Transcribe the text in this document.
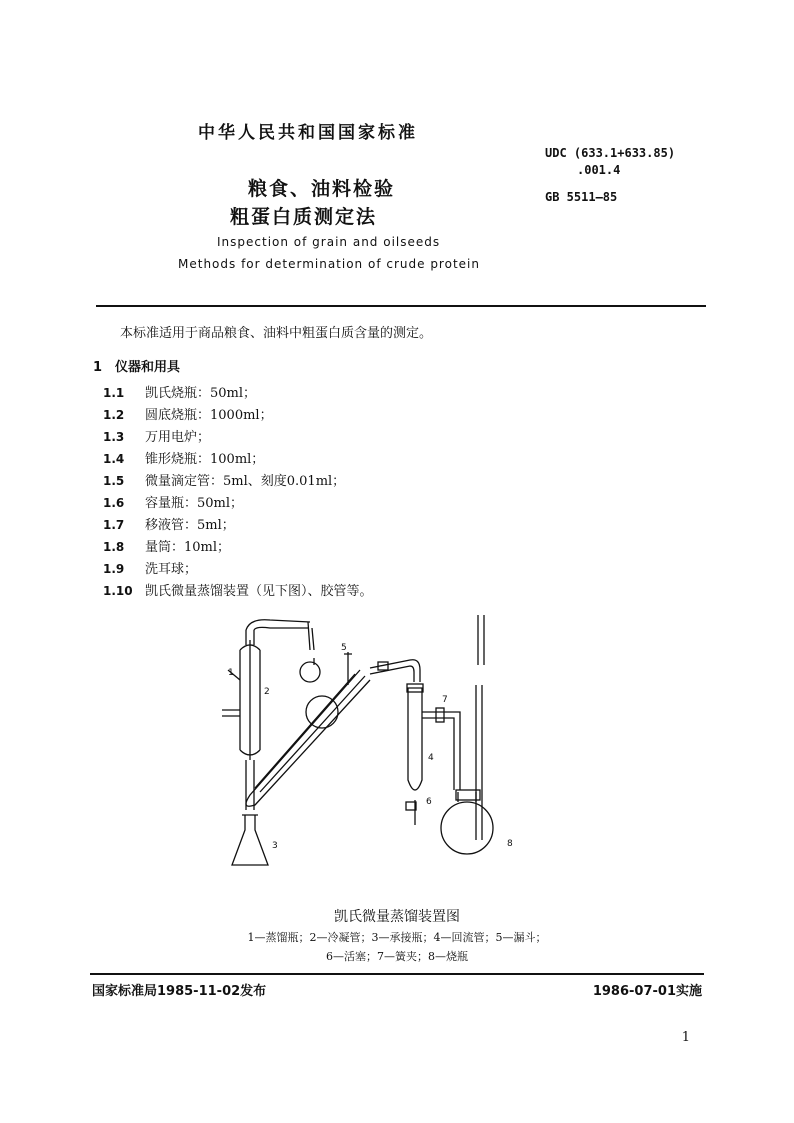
中华人民共和国国家标准
UDC (633.1+633.85)
.001.4
GB 5511—85
粮食、油料检验
粗蛋白质测定法
Inspection of grain and oilseeds
Methods for determination of crude protein
本标准适用于商品粮食、油料中粗蛋白质含量的测定。
1 仪器和用具
1.1 凯氏烧瓶：50ml；
1.2 圆底烧瓶：1000ml；
1.3 万用电炉；
1.4 锥形烧瓶：100ml；
1.5 微量滴定管：5ml、刻度0.01ml；
1.6 容量瓶：50ml；
1.7 移液管：5ml；
1.8 量筒：10ml；
1.9 洗耳球；
1.10 凯氏微量蒸馏装置（见下图）、胶管等。
1
2
3
4
5
6
7
8
凯氏微量蒸馏装置图
1—蒸馏瓶；2—冷凝管；3—承接瓶；4—回流管；5—漏斗；
6—活塞；7—簧夹；8—烧瓶
国家标准局1985-11-02发布	1986-07-01实施
1
